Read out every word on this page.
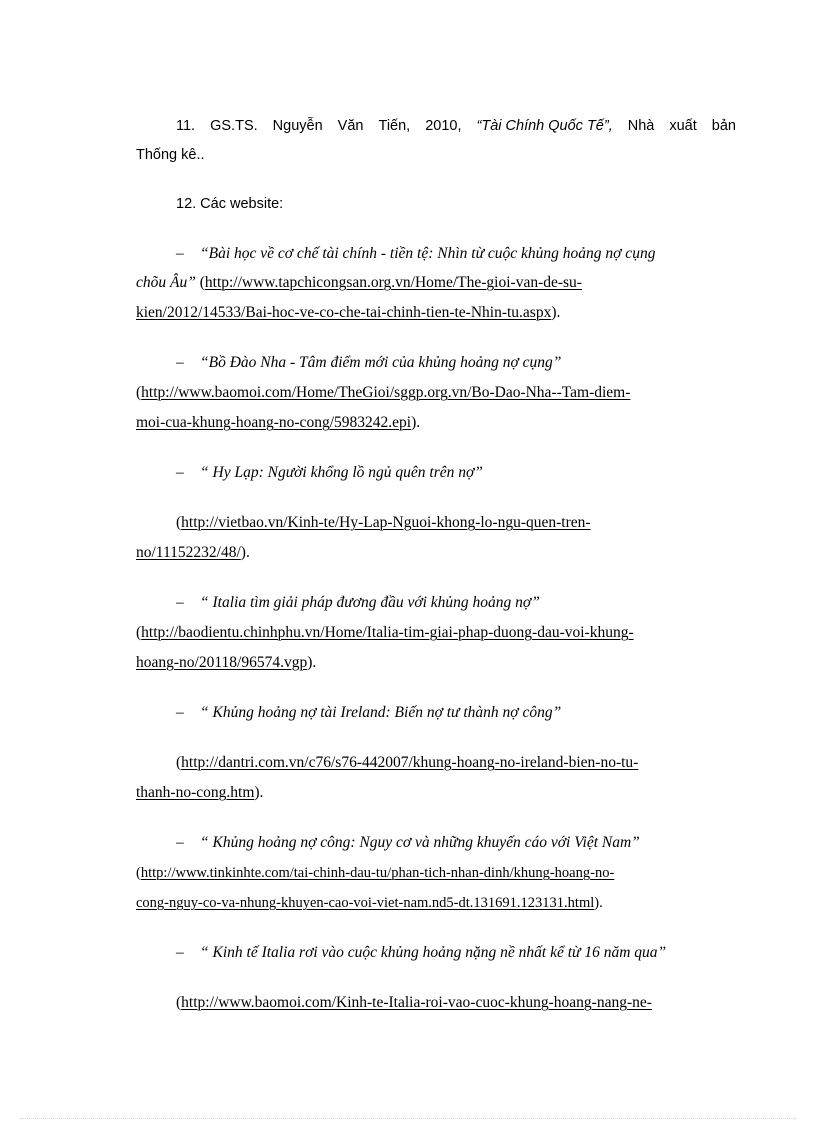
11. GS.TS. Nguyễn Văn Tiến, 2010, “Tài Chính Quốc Tế”, Nhà xuất bản
Thống kê..
12. Các website:
– “Bài học về cơ chế tài chính - tiền tệ: Nhìn từ cuộc khủng hoảng nợ cụng
chõu Âu” (http://www.tapchicongsan.org.vn/Home/The-gioi-van-de-su-
kien/2012/14533/Bai-hoc-ve-co-che-tai-chinh-tien-te-Nhin-tu.aspx).
– “Bồ Đào Nha - Tâm điểm mới của khủng hoảng nợ cụng”
(http://www.baomoi.com/Home/TheGioi/sggp.org.vn/Bo-Dao-Nha--Tam-diem-
moi-cua-khung-hoang-no-cong/5983242.epi).
– “ Hy Lạp: Người khổng lồ ngủ quên trên nợ”
(http://vietbao.vn/Kinh-te/Hy-Lap-Nguoi-khong-lo-ngu-quen-tren-
no/11152232/48/).
– “ Italia tìm giải pháp đương đầu với khủng hoảng nợ”
(http://baodientu.chinhphu.vn/Home/Italia-tim-giai-phap-duong-dau-voi-khung-
hoang-no/20118/96574.vgp).
– “ Khủng hoảng nợ tài Ireland: Biến nợ tư thành nợ công”
(http://dantri.com.vn/c76/s76-442007/khung-hoang-no-ireland-bien-no-tu-
thanh-no-cong.htm).
– “ Khủng hoảng nợ công: Nguy cơ và những khuyến cáo với Việt Nam”
(http://www.tinkinhte.com/tai-chinh-dau-tu/phan-tich-nhan-dinh/khung-hoang-no-
cong-nguy-co-va-nhung-khuyen-cao-voi-viet-nam.nd5-dt.131691.123131.html).
– “ Kinh tế Italia rơi vào cuộc khủng hoảng nặng nề nhất kể từ 16 năm qua”
(http://www.baomoi.com/Kinh-te-Italia-roi-vao-cuoc-khung-hoang-nang-ne-
